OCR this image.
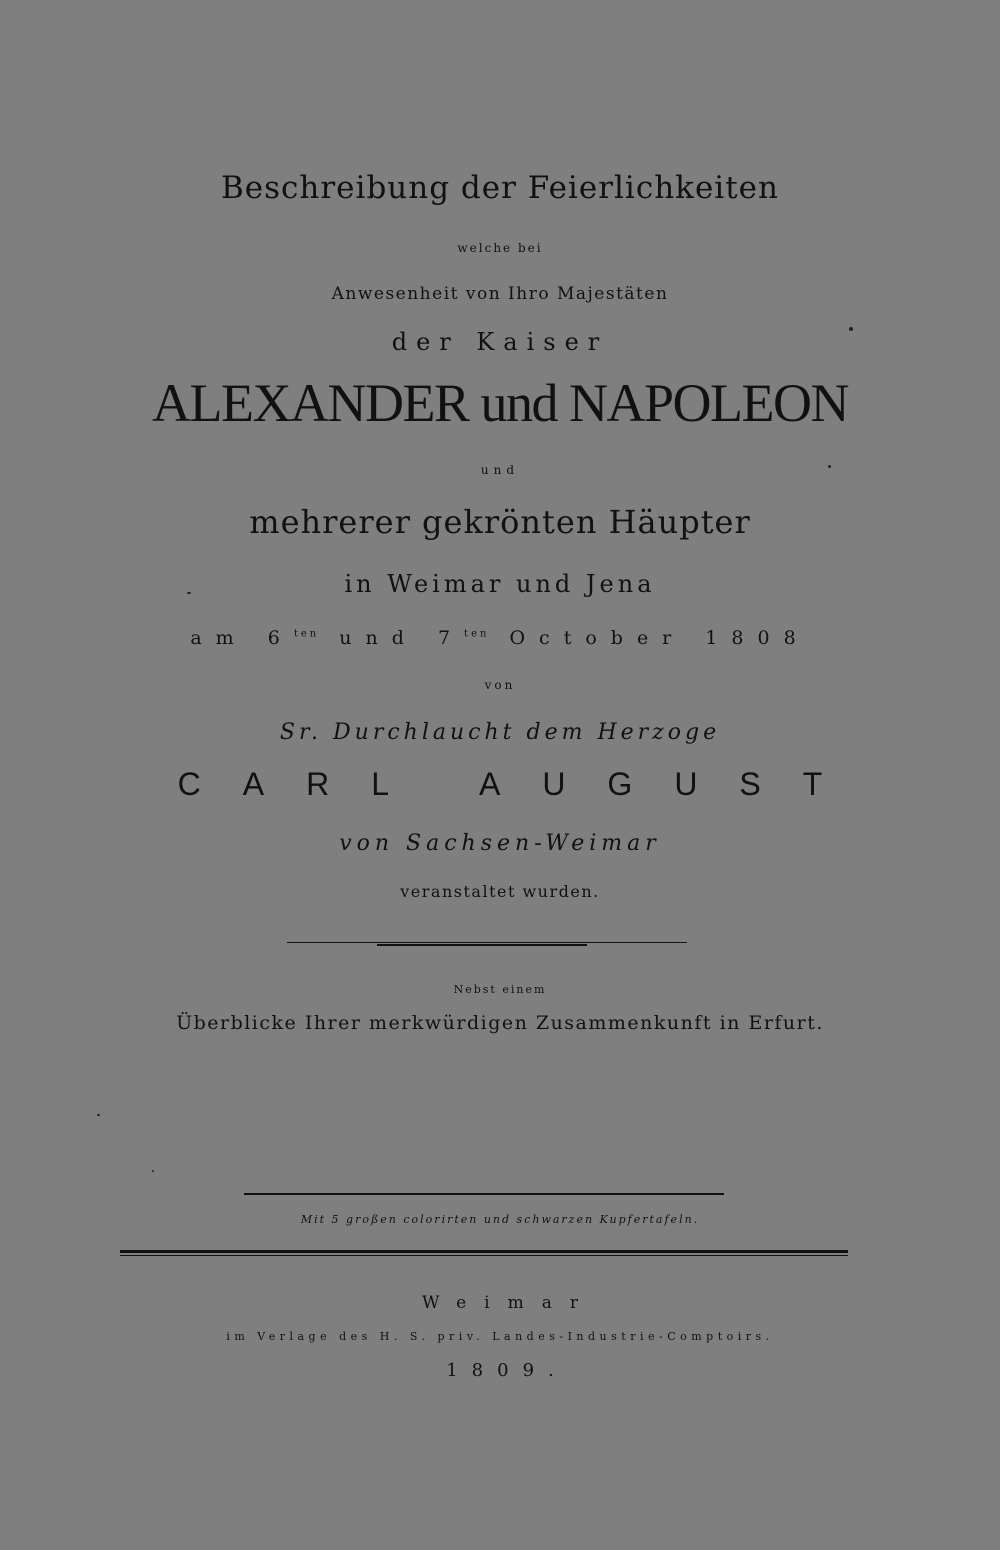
Beschreibung der Feierlichkeiten
welche bei
Anwesenheit von Ihro Majestäten
der Kaiser
ALEXANDER und NAPOLEON
und
mehrerer gekrönten Häupter
in Weimar und Jena
am $6^{ten}$ und $7^{ten}$ October 1808
von
Sr. Durchlaucht dem Herzoge
CARL AUGUST
von Sachsen-Weimar
veranstaltet wurden.
Nebst einem
Überblicke Ihrer merkwürdigen Zusammenkunft in Erfurt.
Mit 5 großen colorirten und schwarzen Kupfertafeln.
Weimar
im Verlage des H. S. priv. Landes-Industrie-Comptoirs.
1809.
